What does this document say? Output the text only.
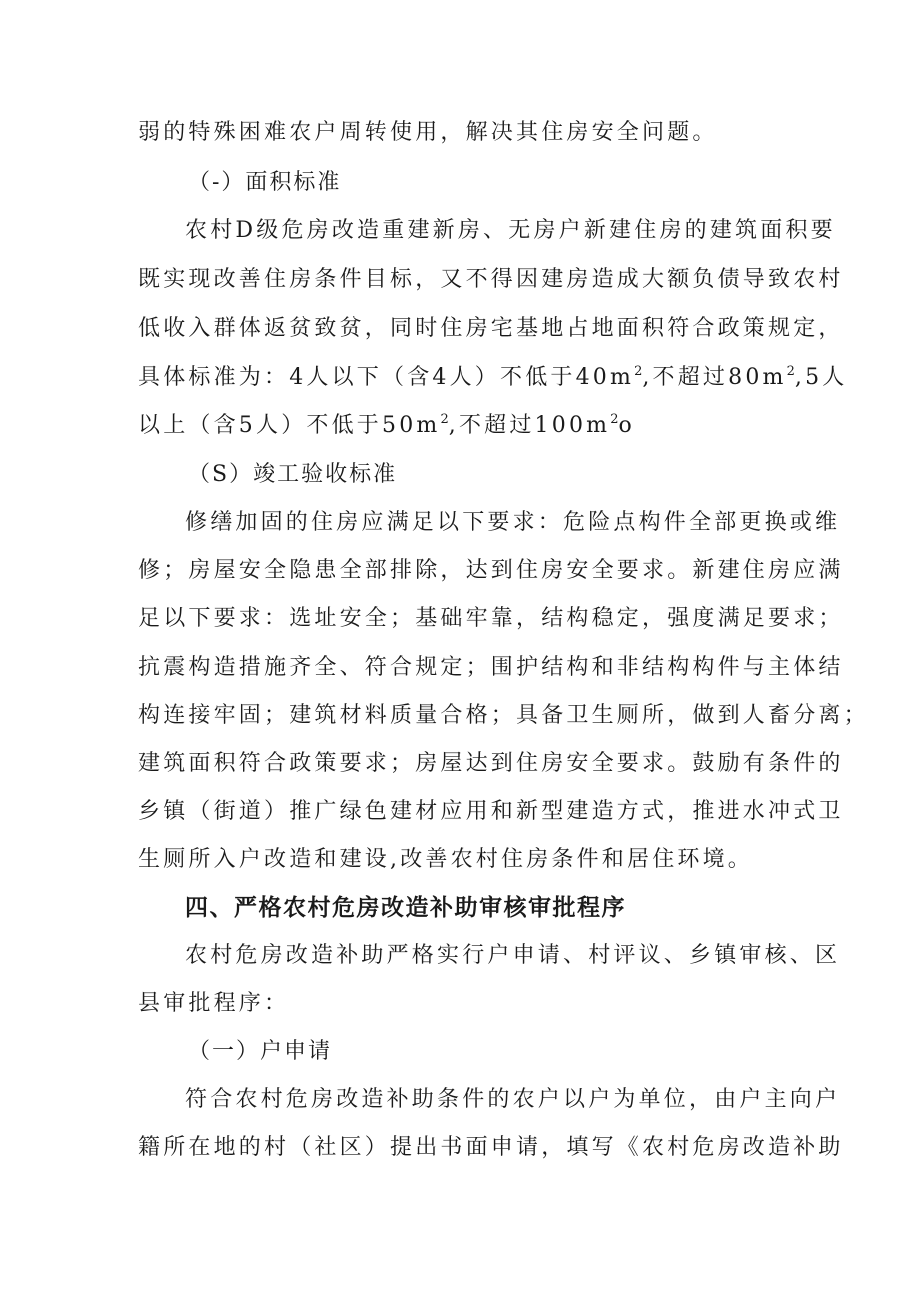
弱的特殊困难农户周转使用，解决其住房安全问题。

（-）面积标准

农村D级危房改造重建新房、无房户新建住房的建筑面积要

既实现改善住房条件目标，又不得因建房造成大额负债导致农村

低收入群体返贫致贫，同时住房宅基地占地面积符合政策规定，

具体标准为：4人以下（含4人）不低于$40m^2$,不超过$80m^2,5$人

以上（含5人）不低于$50m^2$,不超过$100m^2o$

（S）竣工验收标准

修缮加固的住房应满足以下要求：危险点构件全部更换或维

修；房屋安全隐患全部排除，达到住房安全要求。新建住房应满

足以下要求：选址安全；基础牢靠，结构稳定，强度满足要求；

抗震构造措施齐全、符合规定；围护结构和非结构构件与主体结

构连接牢固；建筑材料质量合格；具备卫生厕所，做到人畜分离；

建筑面积符合政策要求；房屋达到住房安全要求。鼓励有条件的

乡镇（街道）推广绿色建材应用和新型建造方式，推进水冲式卫

生厕所入户改造和建设,改善农村住房条件和居住环境。

四、严格农村危房改造补助审核审批程序

农村危房改造补助严格实行户申请、村评议、乡镇审核、区

县审批程序：

（一）户申请

符合农村危房改造补助条件的农户以户为单位，由户主向户

籍所在地的村（社区）提出书面申请，填写《农村危房改造补助
